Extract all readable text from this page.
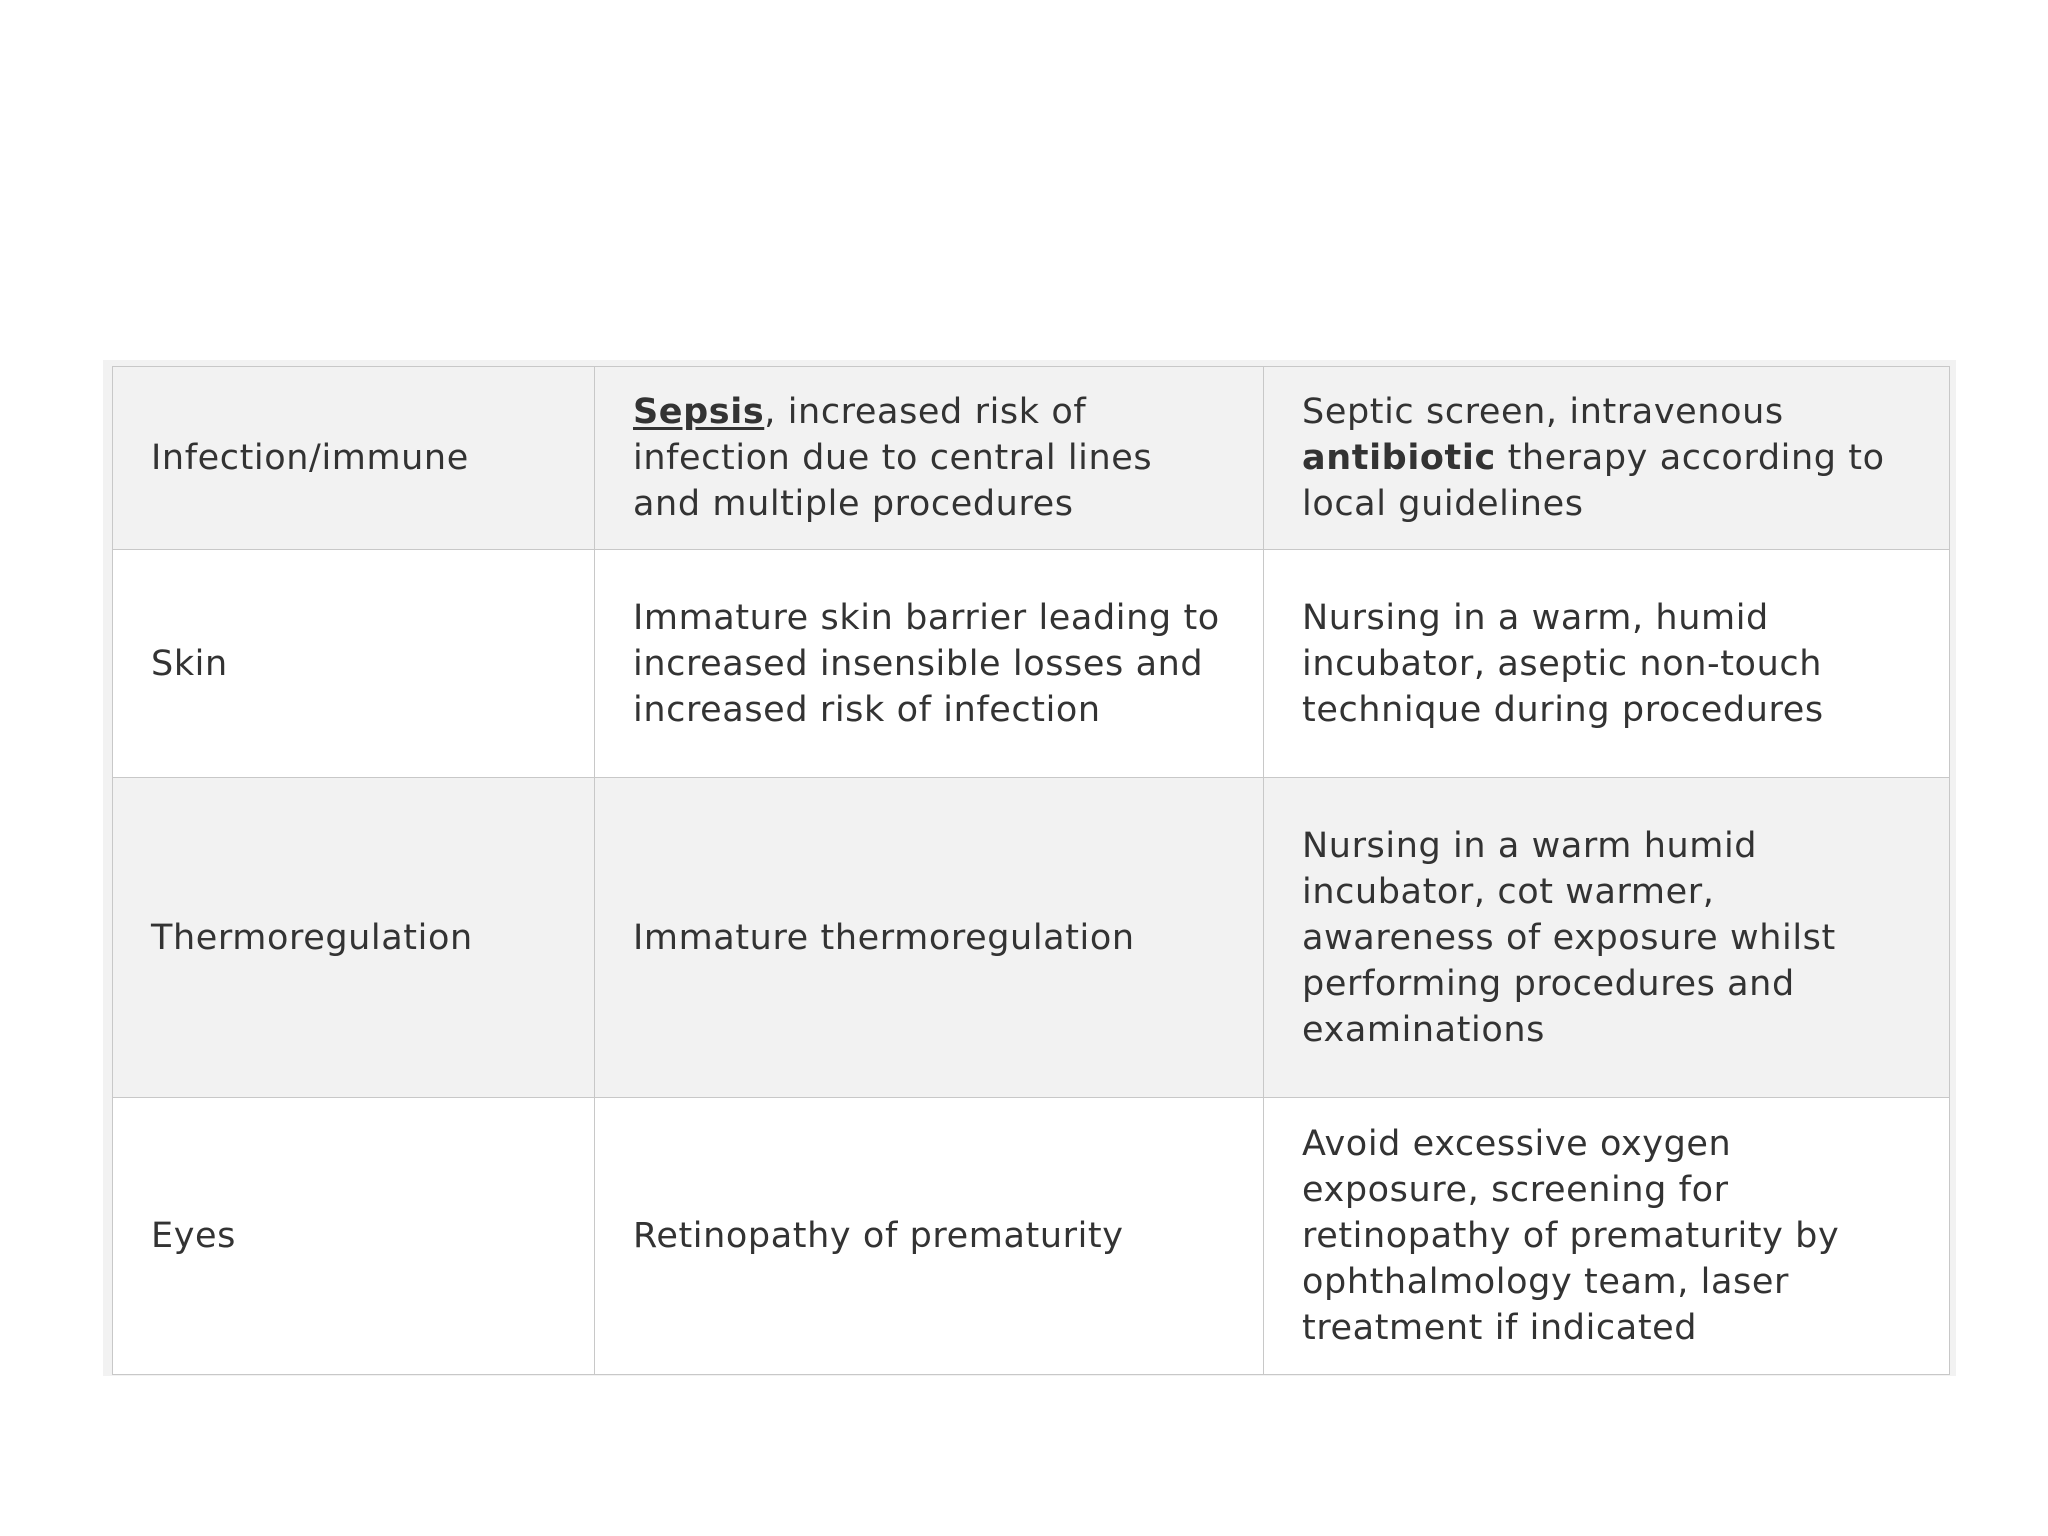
Infection/immune	Sepsis, increased risk of infection due to central lines and multiple procedures	Septic screen, intravenous antibiotic therapy according to local guidelines
Skin	Immature skin barrier leading to increased insensible losses and increased risk of infection	Nursing in a warm, humid incubator, aseptic non-touch technique during procedures
Thermoregulation	Immature thermoregulation	Nursing in a warm humid incubator, cot warmer, awareness of exposure whilst performing procedures and examinations
Eyes	Retinopathy of prematurity	Avoid excessive oxygen exposure, screening for retinopathy of prematurity by ophthalmology team, laser treatment if indicated
